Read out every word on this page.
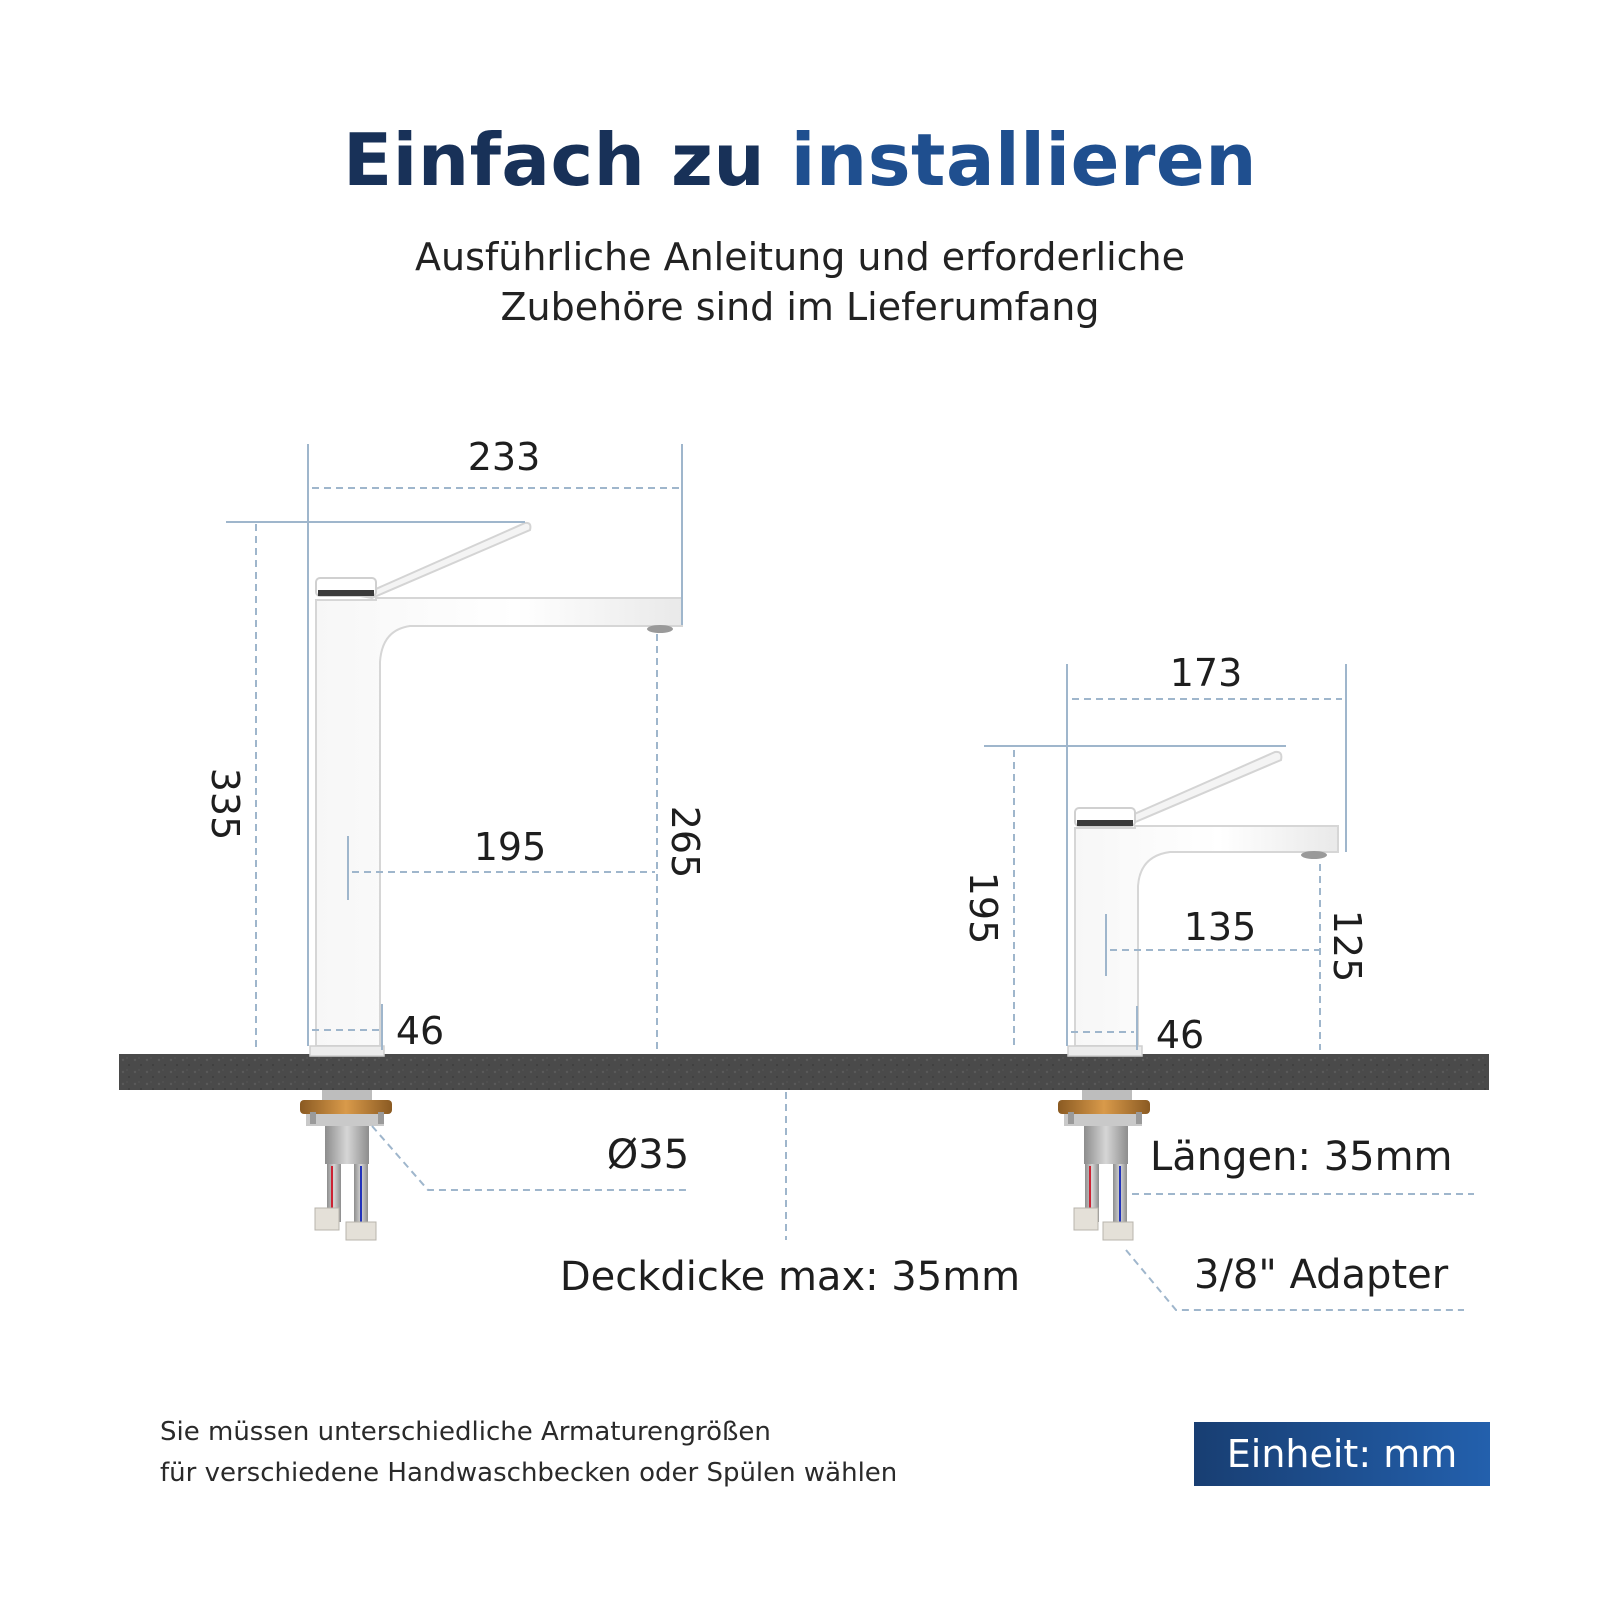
Einfach zu installieren
Ausführliche Anleitung und erforderliche
Zubehöre sind im Lieferumfang
233
335
195	265
46
173
195	135 125
46
Ø35
Deckdicke max: 35mm
Längen: 35mm
3/8" Adapter
Sie müssen unterschiedliche Armaturengrößen
für verschiedene Handwaschbecken oder Spülen wählen	Einheit: mm
